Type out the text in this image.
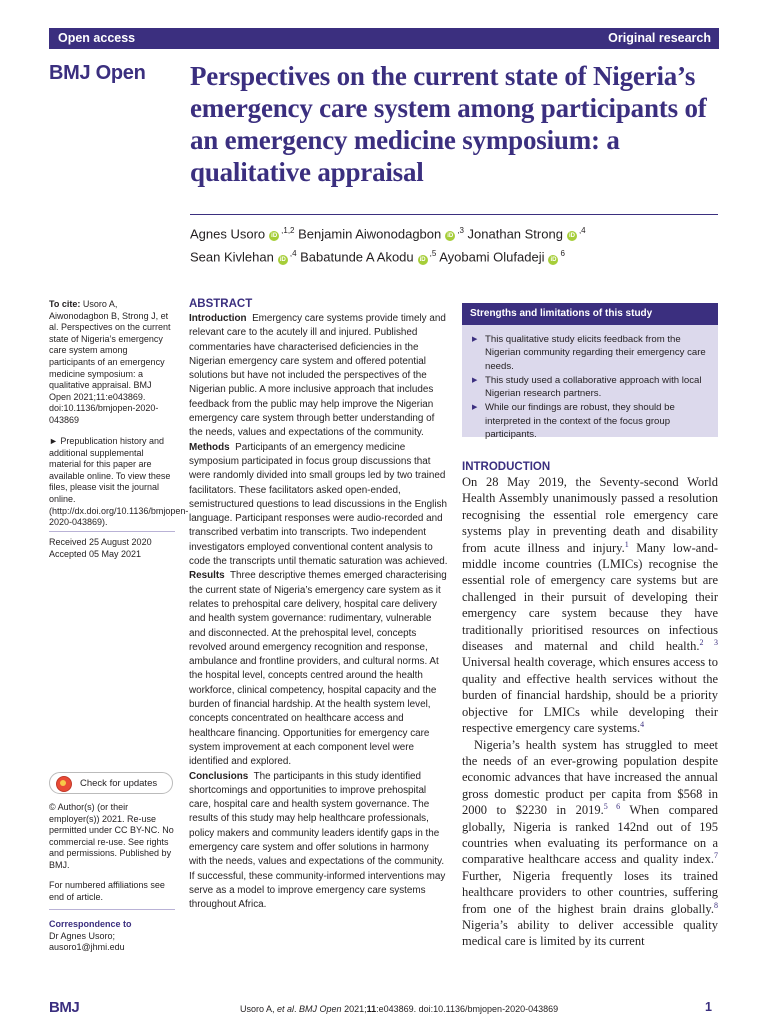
Open access	Original research
BMJ Open Perspectives on the current state of Nigeria’s emergency care system among participants of an emergency medicine symposium: a qualitative appraisal
Agnes Usoro $iD^{,1,2}$ Benjamin Aiwonodagbon $iD^{,3}$ Jonathan Strong $iD^{,4}$
Sean Kivlehan $iD^{,4}$ Babatunde A Akodu $iD^{,5}$ Ayobami Olufadeji $iD^6$
To cite: Usoro A, Aiwonodagbon B, Strong J, et al. Perspectives on the current state of Nigeria’s emergency care system among participants of an emergency medicine symposium: a qualitative appraisal. BMJ Open 2021;11:e043869. doi:10.1136/bmjopen-2020-043869
► Prepublication history and additional supplemental material for this paper are available online. To view these files, please visit the journal online. (http://dx.doi.org/10.1136/bmjopen-2020-043869).
Received 25 August 2020
Accepted 05 May 2021
Check for updates
© Author(s) (or their employer(s)) 2021. Re-use permitted under CC BY-NC. No commercial re-use. See rights and permissions. Published by BMJ.
For numbered affiliations see end of article.
Correspondence to
Dr Agnes Usoro;
ausoro1@jhmi.edu
ABSTRACT

Introduction Emergency care systems provide timely and relevant care to the acutely ill and injured. Published commentaries have characterised deficiencies in the Nigerian emergency care system and offered potential solutions but have not included the perspectives of the Nigerian public. A more inclusive approach that includes feedback from the public may help improve the Nigerian emergency care system through better understanding of the needs, values and expectations of the community.

Methods Participants of an emergency medicine symposium participated in focus group discussions that were randomly divided into small groups led by two trained facilitators. These facilitators asked open-ended, semistructured questions to lead discussions in the English language. Participant responses were audio-recorded and transcribed verbatim into transcripts. Two independent investigators employed conventional content analysis to code the transcripts until thematic saturation was achieved.

Results Three descriptive themes emerged characterising the current state of Nigeria’s emergency care system as it relates to prehospital care delivery, hospital care delivery and health system governance: rudimentary, vulnerable and disconnected. At the prehospital level, concepts revolved around emergency recognition and response, ambulance and frontline providers, and cultural norms. At the hospital level, concepts centred around the health workforce, clinical competency, hospital capacity and the burden of financial hardship. At the health system level, concepts concentrated on healthcare access and healthcare financing. Opportunities for emergency care system improvement at each component level were identified and explored.

Conclusions The participants in this study identified shortcomings and opportunities to improve prehospital care, hospital care and health system governance. The results of this study may help healthcare professionals, policy makers and community leaders identify gaps in the emergency care system and offer solutions in harmony with the needs, values and expectations of the community. If successful, these community-informed interventions may serve as a model to improve emergency care systems throughout Africa.

Strengths and limitations of this study
▶ This qualitative study elicits feedback from the Nigerian community regarding their emergency care needs.
▶ This study used a collaborative approach with local Nigerian research partners.
▶ While our findings are robust, they should be interpreted in the context of the focus group participants.
INTRODUCTION

On 28 May 2019, the Seventy-second World Health Assembly unanimously passed a resolution recognising the essential role emergency care systems play in preventing death and disability from acute illness and injury.$^1$ Many low-and-middle income countries (LMICs) recognise the essential role of emergency care systems but are challenged in their pursuit of developing their emergency care system because they have traditionally prioritised resources on infectious diseases and maternal and child health.$^{2 3}$ Universal health coverage, which ensures access to quality and effective health services without the burden of financial hardship, should be a priority objective for LMICs while developing their respective emergency care systems.$^4$

Nigeria’s health system has struggled to meet the needs of an ever-growing population despite economic advances that have increased the annual gross domestic product per capita from $568 in 2000 to $2230 in 2019.$^{5 6}$ When compared globally, Nigeria is ranked 142nd out of 195 countries when evaluating its performance on a comparative healthcare access and quality index.$^7$ Further, Nigeria frequently loses its trained healthcare providers to other countries, suffering from one of the highest brain drains globally.$^8$ Nigeria’s ability to deliver accessible quality medical care is limited by its current

BMJ	Usoro A, et al. BMJ Open 2021;11:e043869. doi:10.1136/bmjopen-2020-043869	1
